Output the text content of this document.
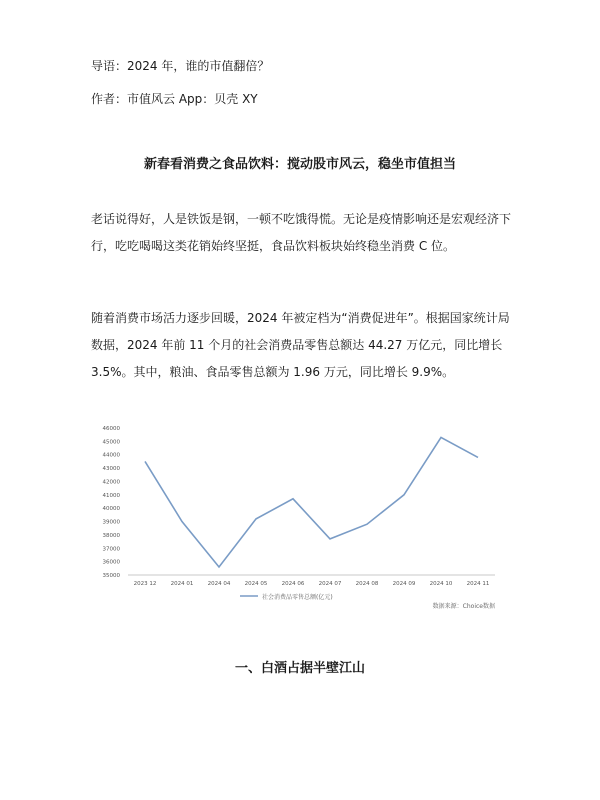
导语：2024 年，谁的市值翻倍？
作者：市值风云 App：贝壳 XY
新春看消费之食品饮料：搅动股市风云，稳坐市值担当
老话说得好，人是铁饭是钢，一顿不吃饿得慌。无论是疫情影响还是宏观经济下行，吃吃喝喝这类花销始终坚挺，食品饮料板块始终稳坐消费 C 位。
随着消费市场活力逐步回暖，2024 年被定档为“消费促进年”。根据国家统计局数据，2024 年前 11 个月的社会消费品零售总额达 44.27 万亿元，同比增长 3.5%。其中，粮油、食品零售总额为 1.96 万元，同比增长 9.9%。
35000
36000
37000
38000
39000
40000
41000
42000
43000
44000
45000
46000
2023 12	2024 01	2024 04	2024 05	2024 06	2024 07	2024 08	2024 09	2024 10	2024 11
社会消费品零售总额(亿元)
数据来源：Choice数据
一、白酒占据半壁江山
